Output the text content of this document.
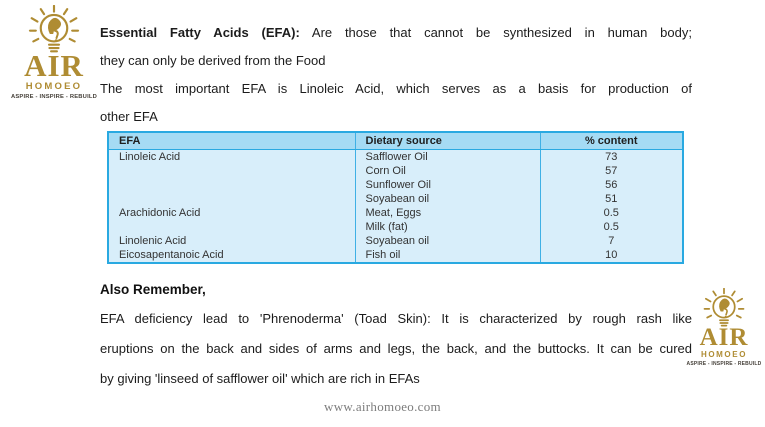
AIR
HOMOEO
ASPIRE - INSPIRE - REBUILD
Essential Fatty Acids (EFA): Are those that cannot be synthesized in human body;
they can only be derived from the Food
The most important EFA is Linoleic Acid, which serves as a basis for production of
other EFA
EFA	Dietary source	% content
Linoleic Acid	Safflower Oil	73
	Corn Oil	57
	Sunflower Oil	56
	Soyabean oil	51
Arachidonic Acid	Meat, Eggs	0.5
	Milk (fat)	0.5
Linolenic Acid	Soyabean oil	7
Eicosapentanoic Acid	Fish oil	10
Also Remember,
EFA deficiency lead to 'Phrenoderma' (Toad Skin): It is characterized by rough rash like
eruptions on the back and sides of arms and legs, the back, and the buttocks. It can be cured
by giving 'linseed of safflower oil' which are rich in EFAs
AIR
HOMOEO
ASPIRE - INSPIRE - REBUILD
www.airhomoeo.com
